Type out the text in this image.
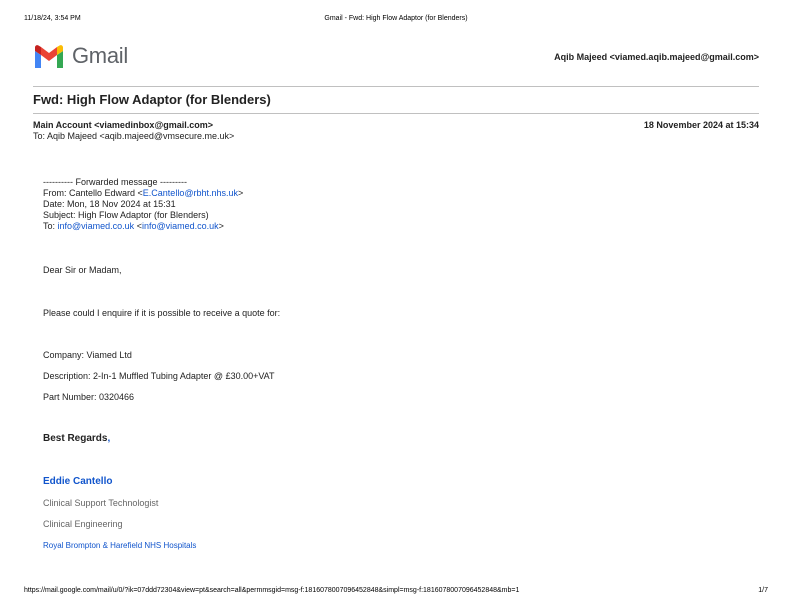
11/18/24, 3:54 PM	Gmail - Fwd: High Flow Adaptor (for Blenders)
Gmail	Aqib Majeed <viamed.aqib.majeed@gmail.com>
Fwd: High Flow Adaptor (for Blenders)
Main Account <viamedinbox@gmail.com>	18 November 2024 at 15:34
To: Aqib Majeed <aqib.majeed@vmsecure.me.uk>
---------- Forwarded message ---------
From: Cantello Edward <E.Cantello@rbht.nhs.uk>
Date: Mon, 18 Nov 2024 at 15:31
Subject: High Flow Adaptor (for Blenders)
To: info@viamed.co.uk <info@viamed.co.uk>
Dear Sir or Madam,
Please could I enquire if it is possible to receive a quote for:
Company: Viamed Ltd
Description: 2-In-1 Muffled Tubing Adapter @ £30.00+VAT
Part Number: 0320466
Best Regards,
Eddie Cantello
Clinical Support Technologist
Clinical Engineering
Royal Brompton & Harefield NHS Hospitals
https://mail.google.com/mail/u/0/?ik=07ddd72304&view=pt&search=all&permmsgid=msg-f:1816078007096452848&simpl=msg-f:1816078007096452848&mb=1	1/7
